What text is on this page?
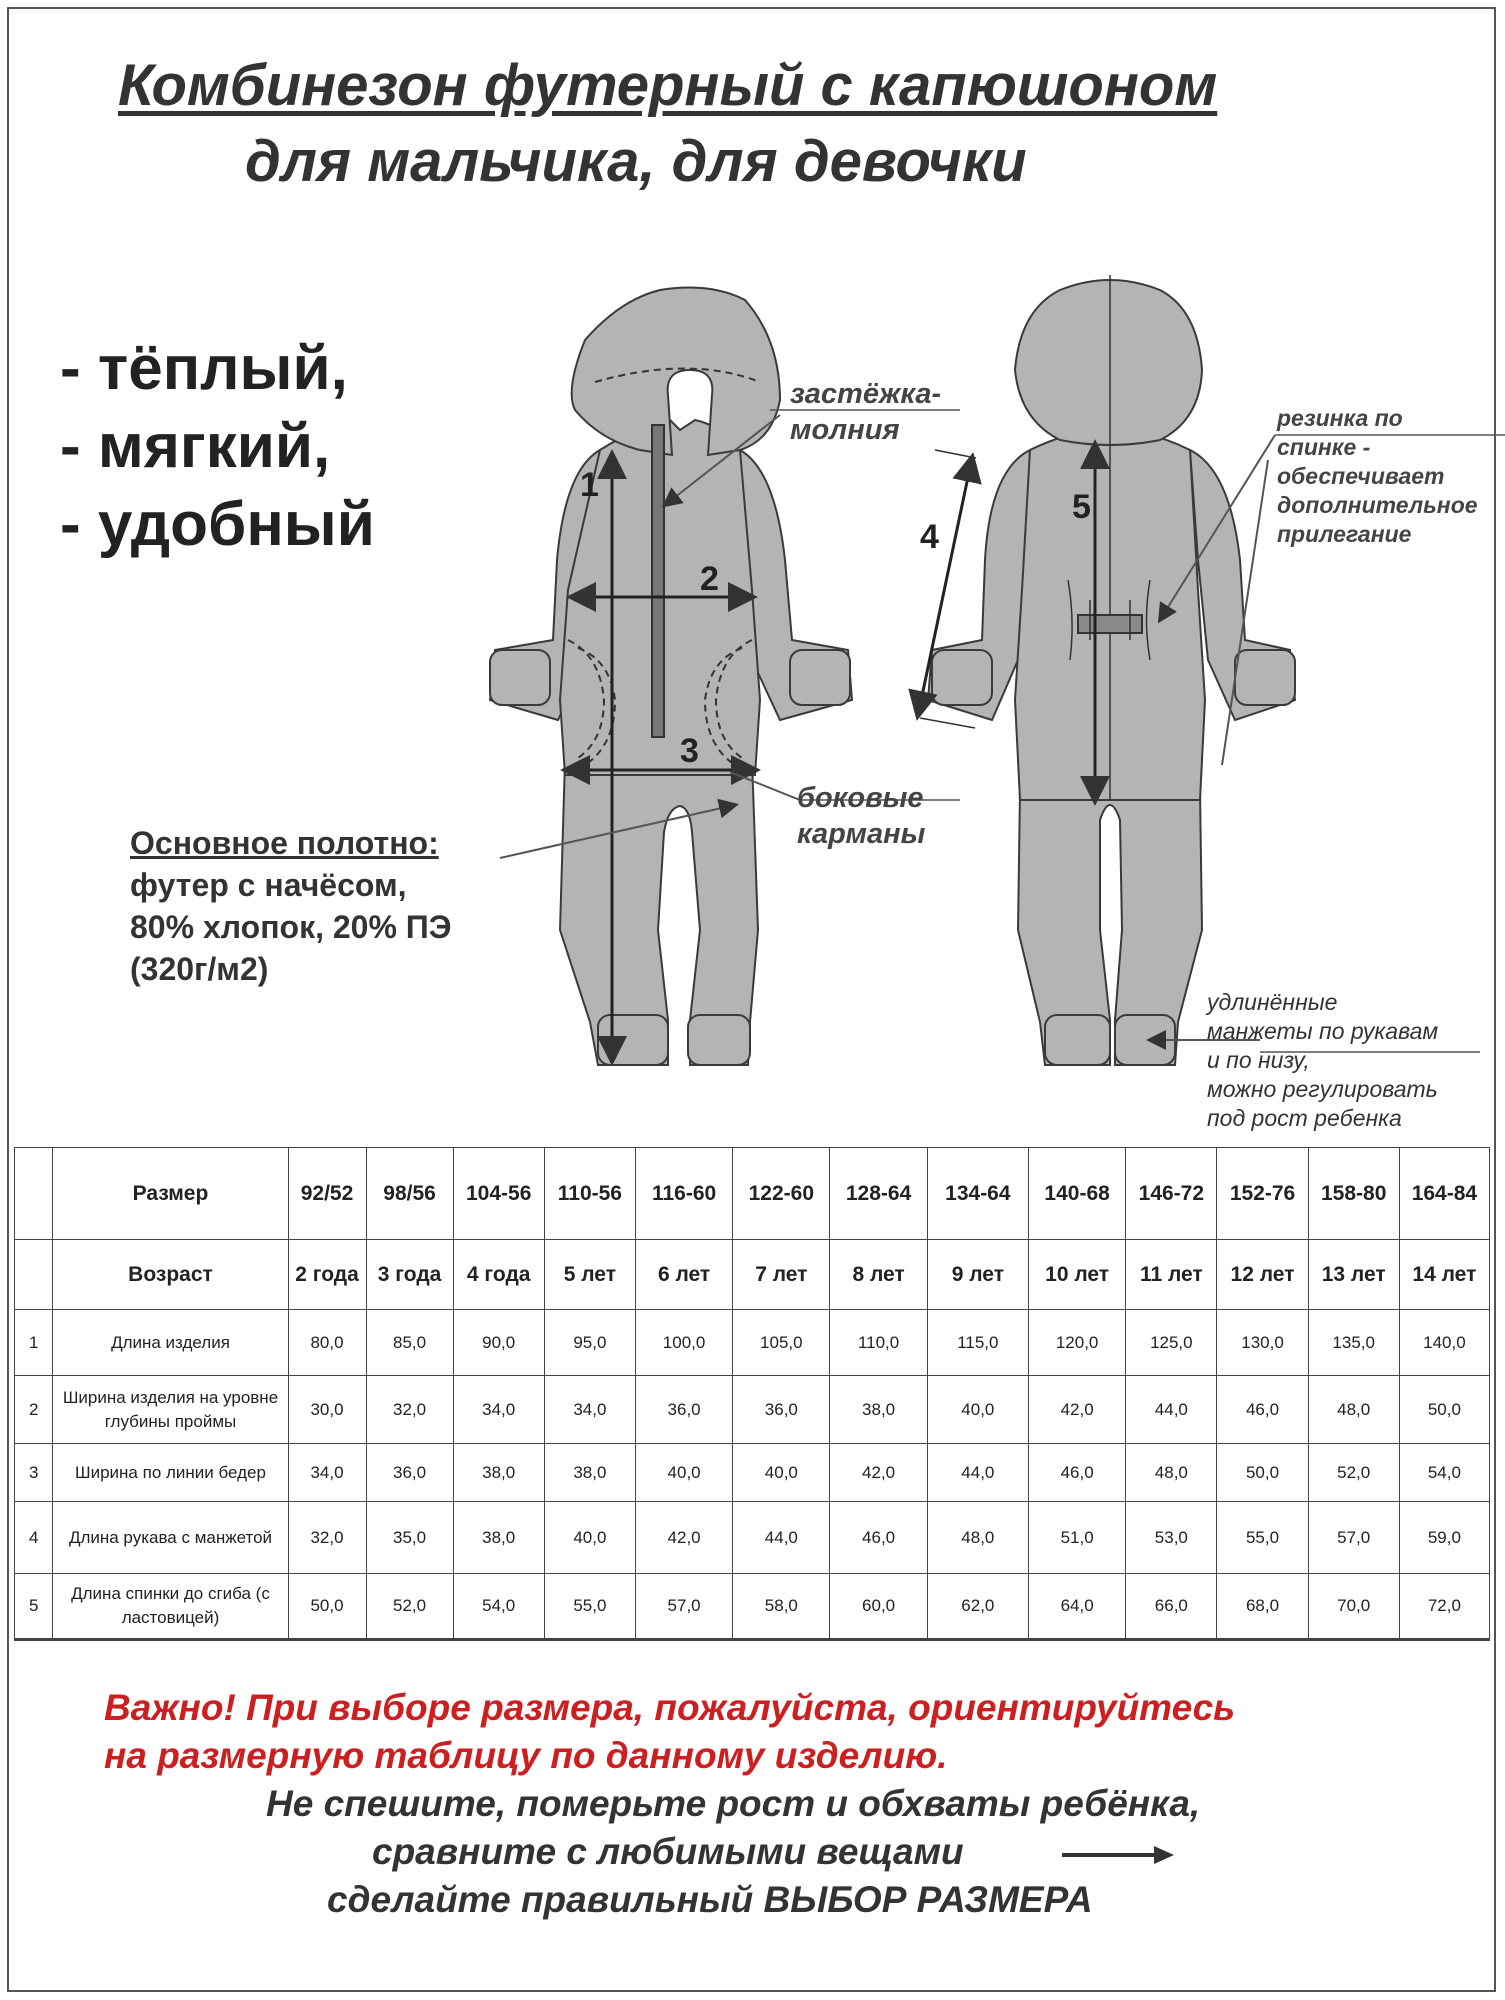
Комбинезон футерный с капюшоном
для мальчика, для девочки
- тёплый,
- мягкий,
- удобный
1
2
3
4
5
застёжка-
молния
боковые
карманы
резинка по
спинке -
обеспечивает
дополнительное
прилегание
удлинённые
манжеты по рукавам
и по низу,
можно регулировать
под рост ребенка
Основное полотно:
футер с начёсом,
80% хлопок, 20% ПЭ
(320г/м2)
	Размер	92/52	98/56	104-56	110-56	116-60	122-60	128-64	134-64	140-68	146-72	152-76	158-80	164-84
	Возраст	2 года	3 года	4 года	5 лет	6 лет	7 лет	8 лет	9 лет	10 лет	11 лет	12 лет	13 лет	14 лет
1	Длина изделия	80,0	85,0	90,0	95,0	100,0	105,0	110,0	115,0	120,0	125,0	130,0	135,0	140,0
2	Ширина изделия на уровне глубины проймы	30,0	32,0	34,0	34,0	36,0	36,0	38,0	40,0	42,0	44,0	46,0	48,0	50,0
3	Ширина по линии бедер	34,0	36,0	38,0	38,0	40,0	40,0	42,0	44,0	46,0	48,0	50,0	52,0	54,0
4	Длина рукава с манжетой	32,0	35,0	38,0	40,0	42,0	44,0	46,0	48,0	51,0	53,0	55,0	57,0	59,0
5	Длина спинки до сгиба (с ластовицей)	50,0	52,0	54,0	55,0	57,0	58,0	60,0	62,0	64,0	66,0	68,0	70,0	72,0
Важно! При выборе размера, пожалуйста, ориентируйтесь
на размерную таблицу по данному изделию.
Не спешите, померьте рост и обхваты ребёнка,
сравните с любимыми вещами
сделайте правильный ВЫБОР РАЗМЕРА
